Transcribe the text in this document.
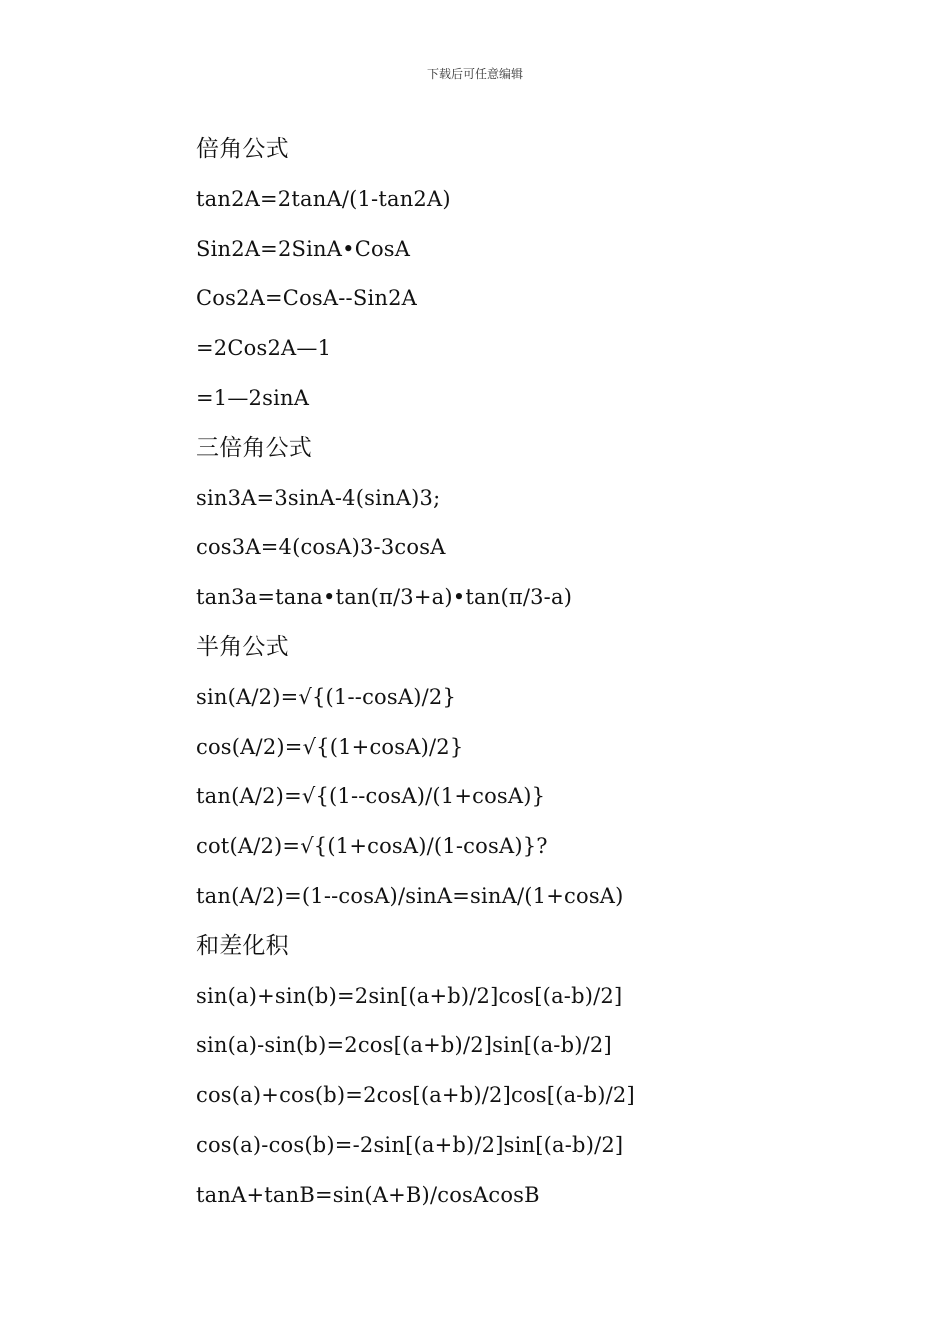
下载后可任意编辑
倍角公式
tan2A=2tanA/(1-tan2A)
Sin2A=2SinA•CosA
Cos2A=CosA--Sin2A
=2Cos2A—1
=1—2sinA
三倍角公式
sin3A=3sinA-4(sinA)3;
cos3A=4(cosA)3-3cosA
tan3a=tana•tan(π/3+a)•tan(π/3-a)
半角公式
sin(A/2)=√{(1--cosA)/2}
cos(A/2)=√{(1+cosA)/2}
tan(A/2)=√{(1--cosA)/(1+cosA)}
cot(A/2)=√{(1+cosA)/(1-cosA)}?
tan(A/2)=(1--cosA)/sinA=sinA/(1+cosA)
和差化积
sin(a)+sin(b)=2sin[(a+b)/2]cos[(a-b)/2]
sin(a)-sin(b)=2cos[(a+b)/2]sin[(a-b)/2]
cos(a)+cos(b)=2cos[(a+b)/2]cos[(a-b)/2]
cos(a)-cos(b)=-2sin[(a+b)/2]sin[(a-b)/2]
tanA+tanB=sin(A+B)/cosAcosB
